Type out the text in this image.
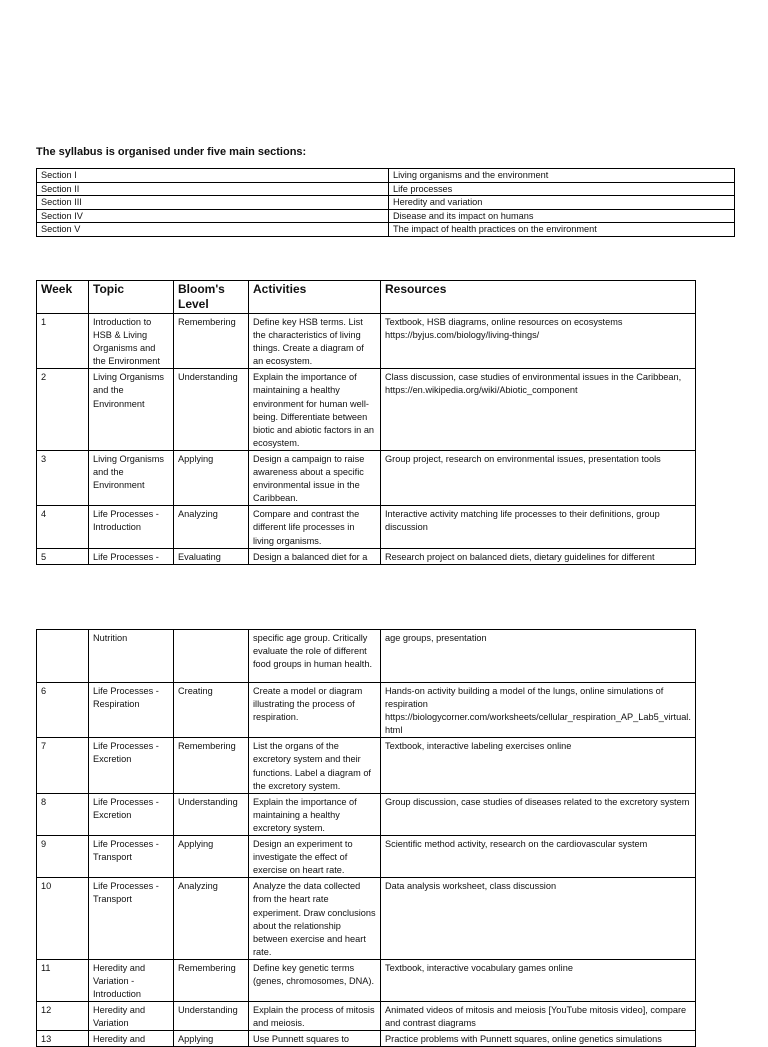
The syllabus is organised under five main sections:
Section I	Living organisms and the environment
Section II	Life processes
Section III	Heredity and variation
Section IV	Disease and its impact on humans
Section V	The impact of health practices on the environment
Week	Topic	Bloom's Level	Activities	Resources
1	Introduction to HSB & Living Organisms and the Environment	Remembering	Define key HSB terms. List the characteristics of living things. Create a diagram of an ecosystem.	Textbook, HSB diagrams, online resources on ecosystems https://byjus.com/biology/living-things/
2	Living Organisms and the Environment	Understanding	Explain the importance of maintaining a healthy environment for human well-being. Differentiate between biotic and abiotic factors in an ecosystem.	Class discussion, case studies of environmental issues in the Caribbean, https://en.wikipedia.org/wiki/Abiotic_component
3	Living Organisms and the Environment	Applying	Design a campaign to raise awareness about a specific environmental issue in the Caribbean.	Group project, research on environmental issues, presentation tools
4	Life Processes - Introduction	Analyzing	Compare and contrast the different life processes in living organisms.	Interactive activity matching life processes to their definitions, group discussion
5	Life Processes -	Evaluating	Design a balanced diet for a	Research project on balanced diets, dietary guidelines for different
	Nutrition		specific age group. Critically evaluate the role of different food groups in human health.	age groups, presentation
6	Life Processes - Respiration	Creating	Create a model or diagram illustrating the process of respiration.	Hands-on activity building a model of the lungs, online simulations of respiration https://biologycorner.com/worksheets/cellular_respiration_AP_Lab5_virtual.html
7	Life Processes - Excretion	Remembering	List the organs of the excretory system and their functions. Label a diagram of the excretory system.	Textbook, interactive labeling exercises online
8	Life Processes - Excretion	Understanding	Explain the importance of maintaining a healthy excretory system.	Group discussion, case studies of diseases related to the excretory system
9	Life Processes - Transport	Applying	Design an experiment to investigate the effect of exercise on heart rate.	Scientific method activity, research on the cardiovascular system
10	Life Processes - Transport	Analyzing	Analyze the data collected from the heart rate experiment. Draw conclusions about the relationship between exercise and heart rate.	Data analysis worksheet, class discussion
11	Heredity and Variation - Introduction	Remembering	Define key genetic terms (genes, chromosomes, DNA).	Textbook, interactive vocabulary games online
12	Heredity and Variation	Understanding	Explain the process of mitosis and meiosis.	Animated videos of mitosis and meiosis [YouTube mitosis video], compare and contrast diagrams
13	Heredity and	Applying	Use Punnett squares to	Practice problems with Punnett squares, online genetics simulations
